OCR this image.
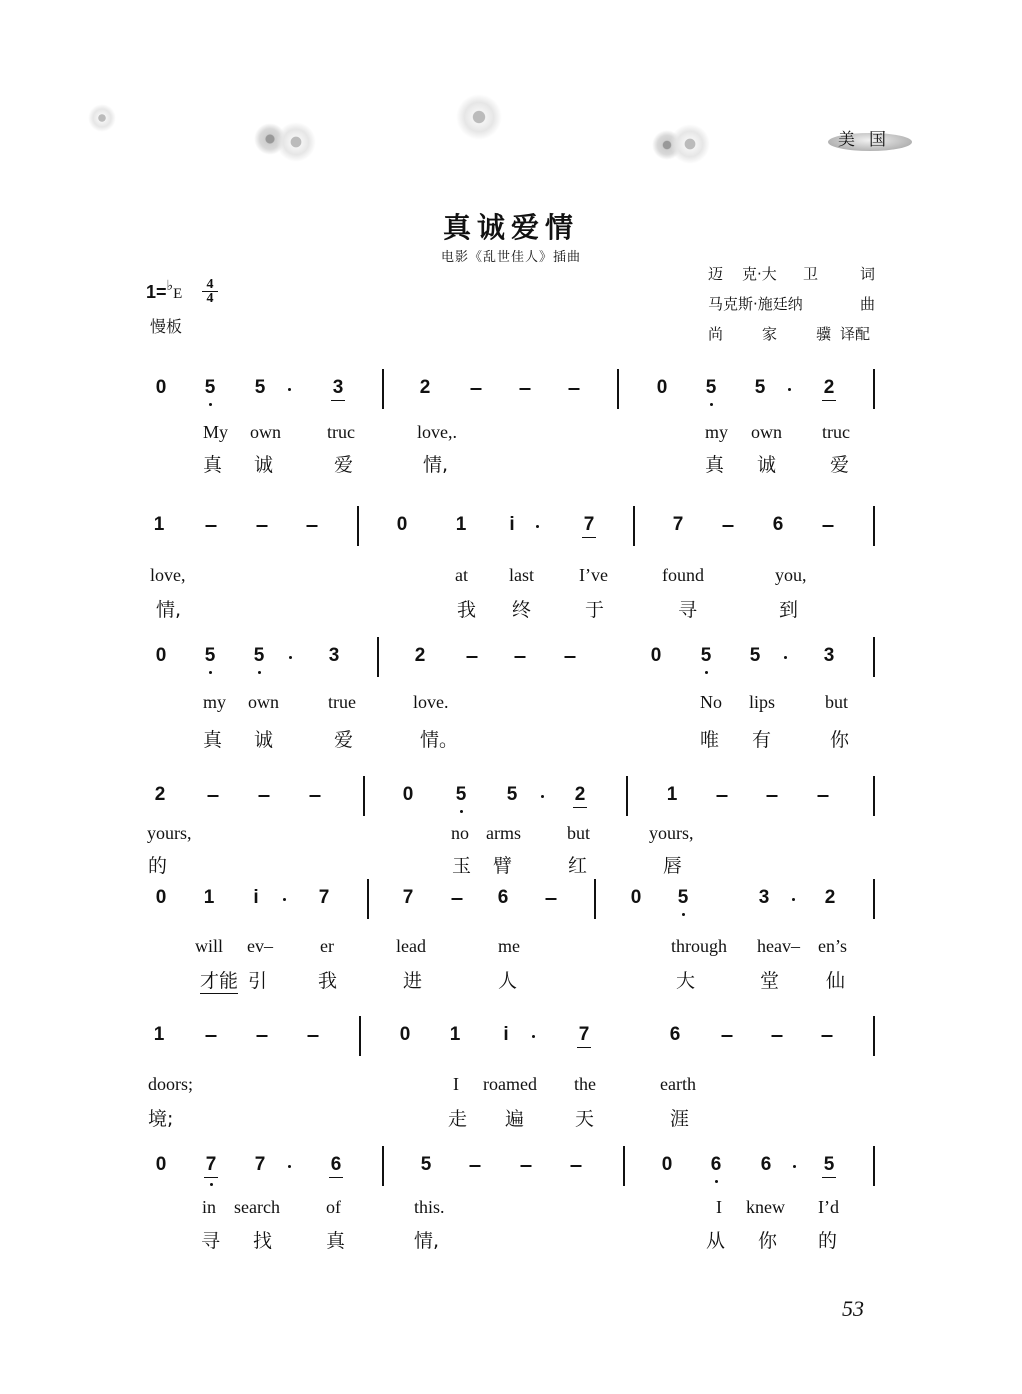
美国
真诚爱情
电影《乱世佳人》插曲
1=♭E
4
4
慢板
迈 克·大 卫	词
马克斯·施廷纳	曲
尚	家	骥 译配
0 5 5	3	2	0 5 5	2
My own	truc	love,.	my own truc
真 诚	爱	情,	真 诚	爱
1	0	1	i	7	7	6
love,	at last	I’ve	found	you,
情,	我 终	于	寻	到
0 5 5	3	2	0 5 5	3
my own	true	love.	No lips	but
真 诚	爱	情。	唯 有	你
2	0 5 5	2	1
yours,	no arms	but	yours,
的	玉 臂	红	唇
0 1	i	7	7	6	0 5	3	2
will ev–	er	lead	me	through heav– en’s
才能 引	我	进	人	大	堂 仙
1	0 1	i	7	6
doors;	I roamed the	earth
境;	走 遍	天	涯
0 7 7	6	5	0 6 6	5
in search	of	this.	I knew I’d
寻 找	真	情,	从 你 的
53
